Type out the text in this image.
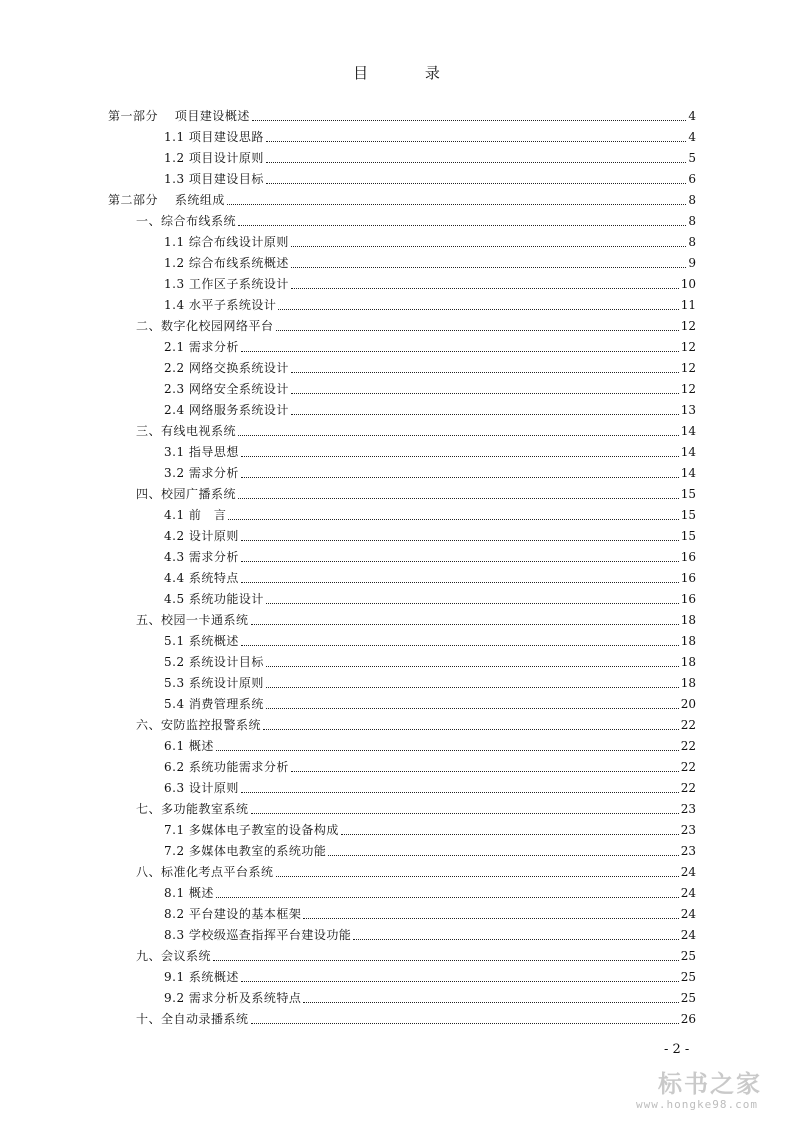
目 录
第一部分　 项目建设概述	4
1.1 项目建设思路	4
1.2 项目设计原则	5
1.3 项目建设目标	6
第二部分　 系统组成	8
一、综合布线系统	8
1.1 综合布线设计原则	8
1.2 综合布线系统概述	9
1.3 工作区子系统设计	10
1.4 水平子系统设计	11
二、数字化校园网络平台	12
2.1 需求分析	12
2.2 网络交换系统设计	12
2.3 网络安全系统设计	12
2.4 网络服务系统设计	13
三、有线电视系统	14
3.1 指导思想	14
3.2 需求分析	14
四、校园广播系统	15
4.1 前　言	15
4.2 设计原则	15
4.3 需求分析	16
4.4 系统特点	16
4.5 系统功能设计	16
五、校园一卡通系统	18
5.1 系统概述	18
5.2 系统设计目标	18
5.3 系统设计原则	18
5.4 消费管理系统	20
六、安防监控报警系统	22
6.1 概述	22
6.2 系统功能需求分析	22
6.3 设计原则	22
七、多功能教室系统	23
7.1 多媒体电子教室的设备构成	23
7.2 多媒体电教室的系统功能	23
八、标准化考点平台系统	24
8.1 概述	24
8.2 平台建设的基本框架	24
8.3 学校级巡查指挥平台建设功能	24
九、会议系统	25
9.1 系统概述	25
9.2 需求分析及系统特点	25
十、全自动录播系统	26
- 2 -
标书之家
www.hongke98.com
